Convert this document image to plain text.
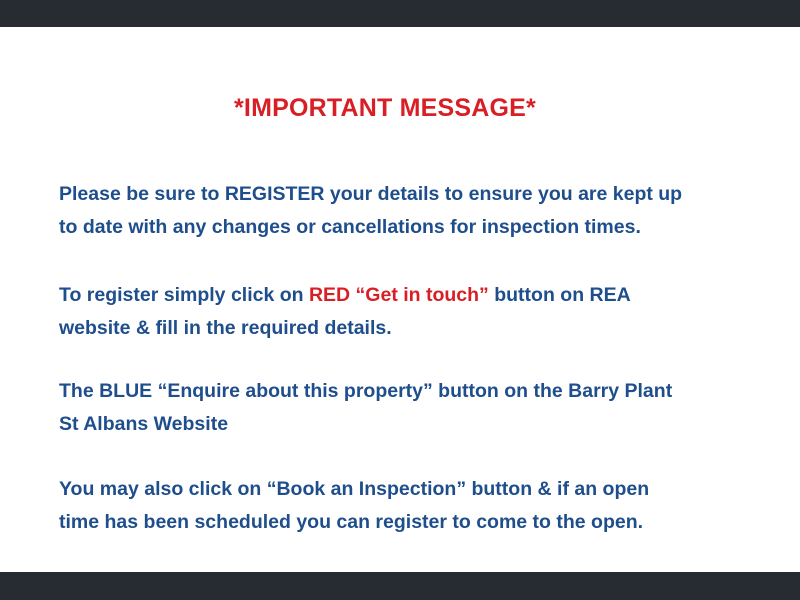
*IMPORTANT MESSAGE*

Please be sure to REGISTER your details to ensure you are kept up
to date with any changes or cancellations for inspection times.

To register simply click on RED “Get in touch” button on REA
website & fill in the required details.

The BLUE “Enquire about this property” button on the Barry Plant
St Albans Website

You may also click on “Book an Inspection” button & if an open
time has been scheduled you can register to come to the open.
